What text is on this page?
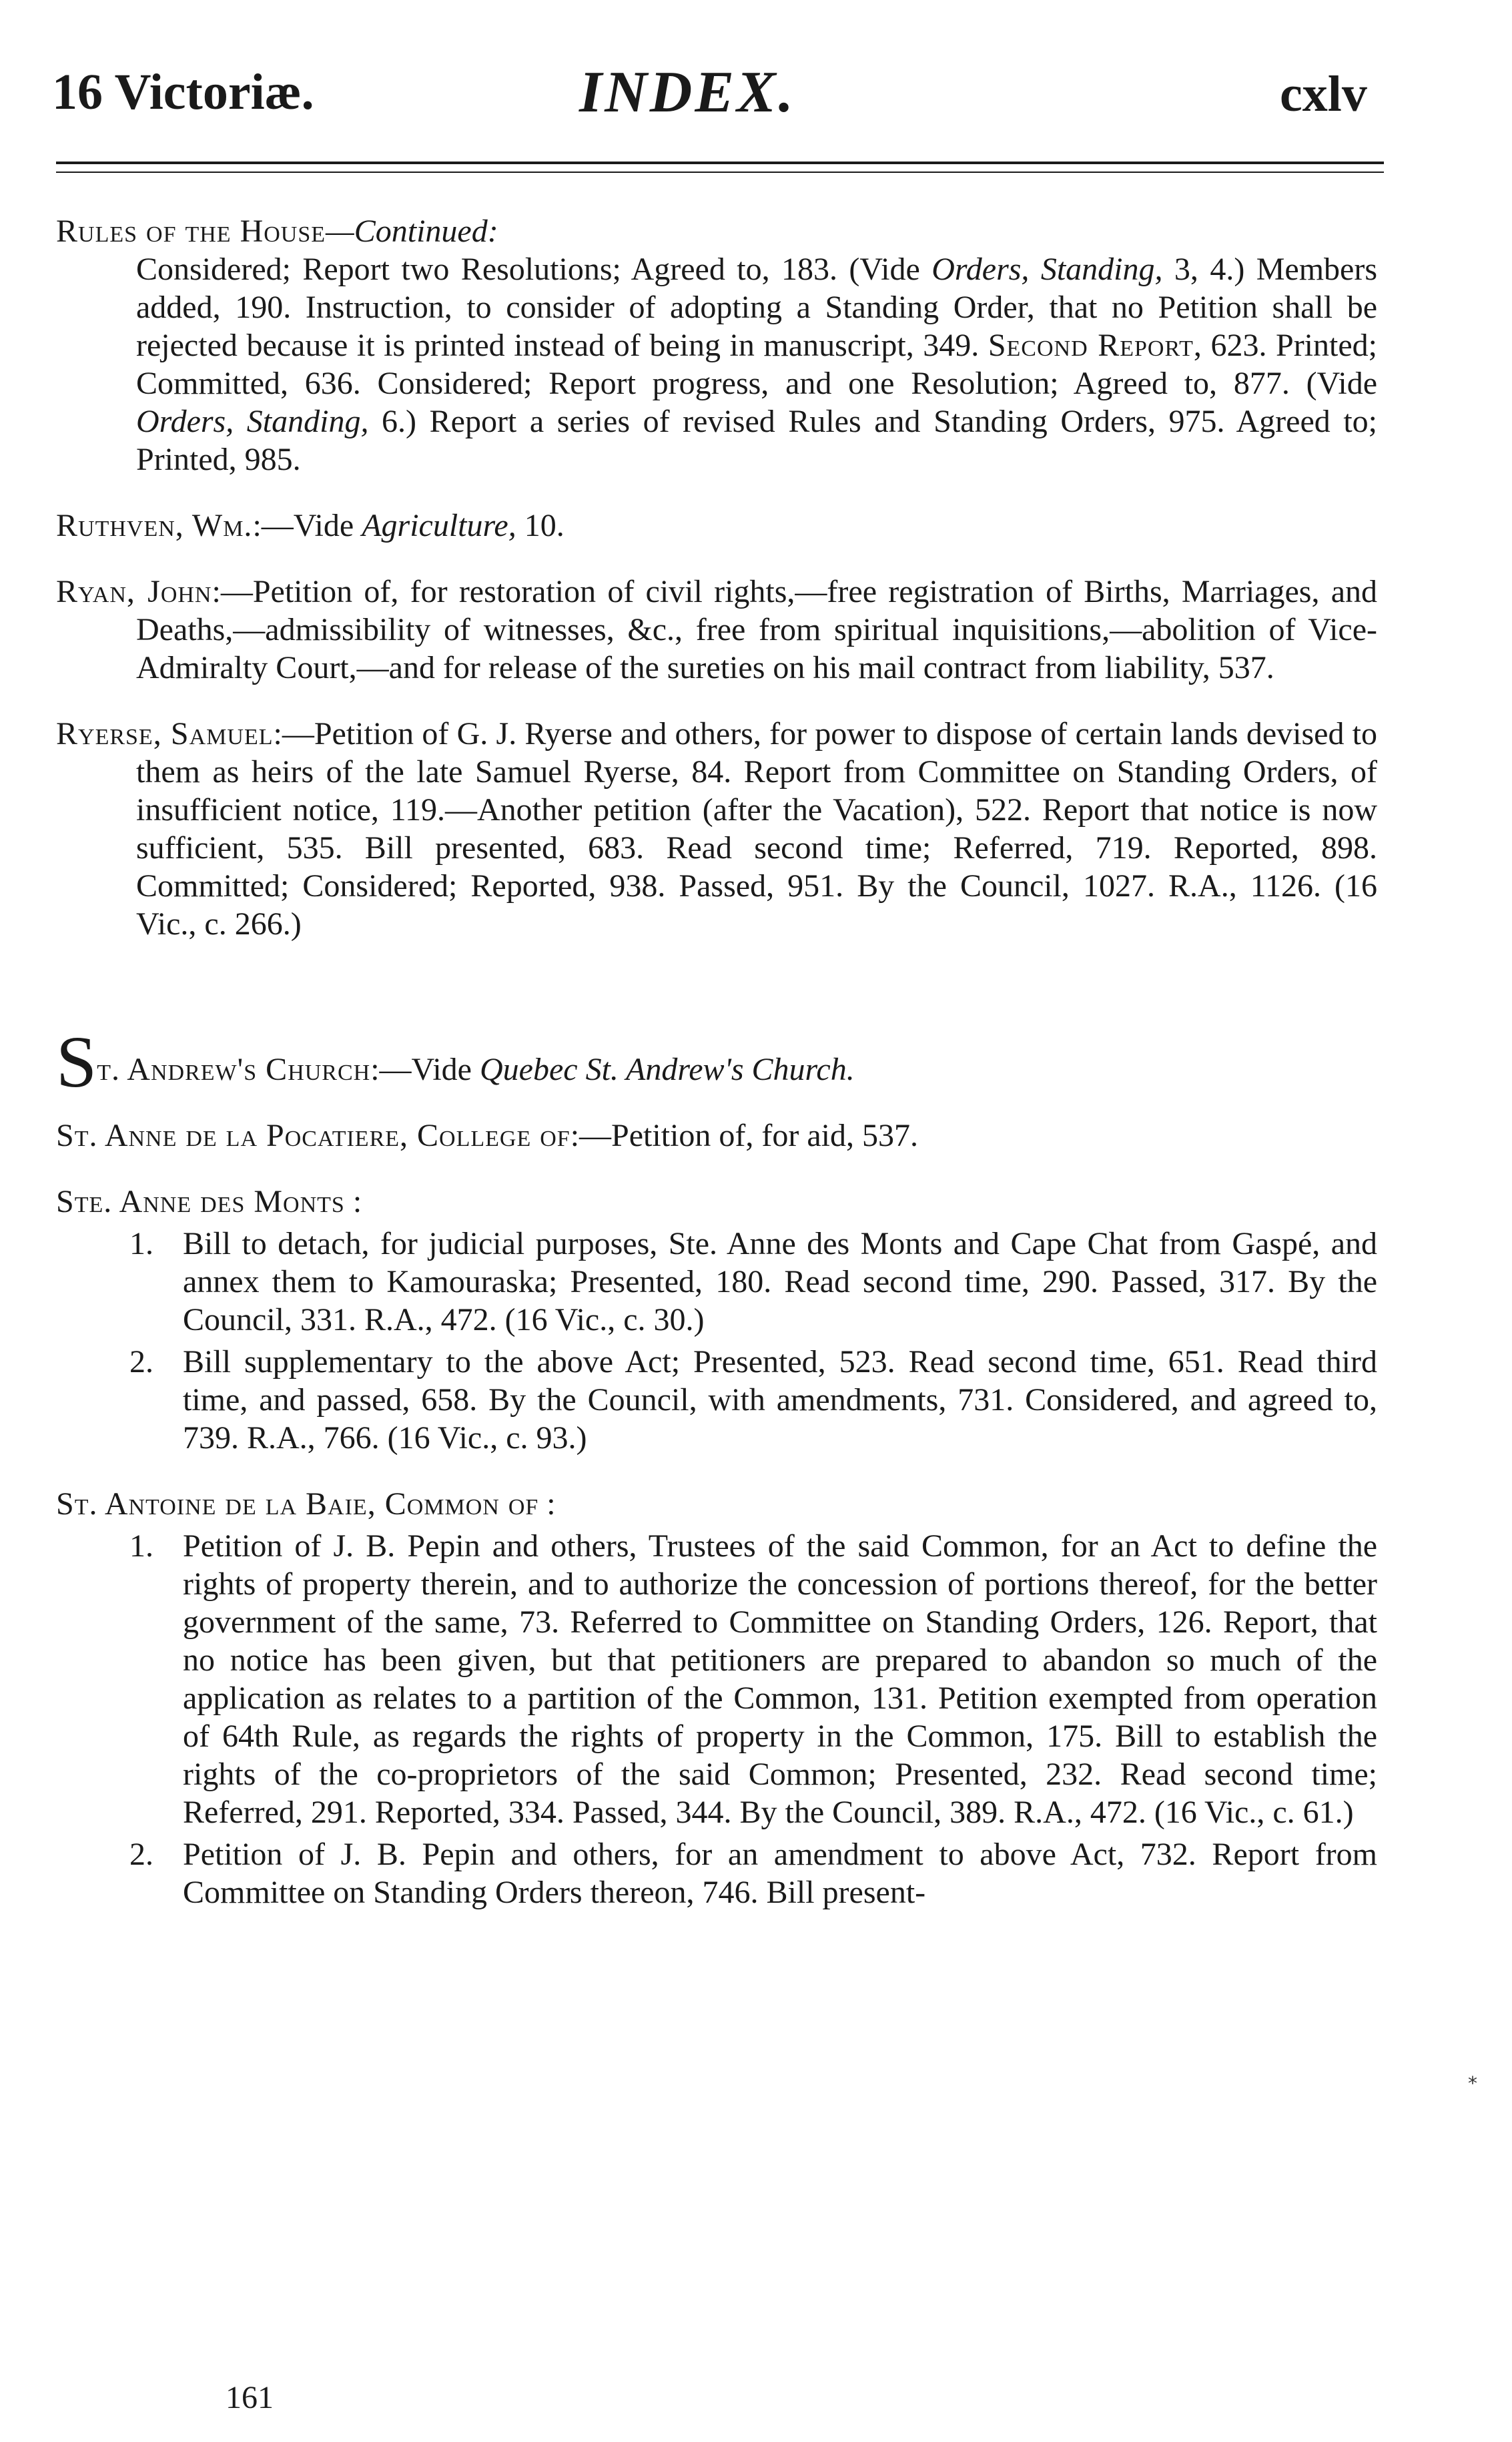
16 Victoriæ.	INDEX.	cxlv
Rules of the House—Continued:
Considered; Report two Resolutions; Agreed to, 183. (Vide Orders, Standing, 3, 4.) Members added, 190. Instruction, to consider of adopting a Standing Order, that no Petition shall be rejected because it is printed instead of being in manuscript, 349. Second Report, 623. Printed; Committed, 636. Considered; Report progress, and one Resolution; Agreed to, 877. (Vide Orders, Standing, 6.) Report a series of revised Rules and Standing Orders, 975. Agreed to; Printed, 985.
Ruthven, Wm.:—Vide Agriculture, 10.
Ryan, John:—Petition of, for restoration of civil rights,—free registration of Births, Marriages, and Deaths,—admissibility of witnesses, &c., free from spiritual inquisitions,—abolition of Vice-Admiralty Court,—and for release of the sureties on his mail contract from liability, 537.
Ryerse, Samuel:—Petition of G. J. Ryerse and others, for power to dispose of certain lands devised to them as heirs of the late Samuel Ryerse, 84. Report from Committee on Standing Orders, of insufficient notice, 119.—Another petition (after the Vacation), 522. Report that notice is now sufficient, 535. Bill presented, 683. Read second time; Referred, 719. Reported, 898. Committed; Considered; Reported, 938. Passed, 951. By the Council, 1027. R.A., 1126. (16 Vic., c. 266.)
St. Andrew's Church:—Vide Quebec St. Andrew's Church.
St. Anne de la Pocatiere, College of:—Petition of, for aid, 537.
Ste. Anne des Monts :
1. Bill to detach, for judicial purposes, Ste. Anne des Monts and Cape Chat from Gaspé, and annex them to Kamouraska; Presented, 180. Read second time, 290. Passed, 317. By the Council, 331. R.A., 472. (16 Vic., c. 30.)
2. Bill supplementary to the above Act; Presented, 523. Read second time, 651. Read third time, and passed, 658. By the Council, with amendments, 731. Considered, and agreed to, 739. R.A., 766. (16 Vic., c. 93.)
St. Antoine de la Baie, Common of :
1. Petition of J. B. Pepin and others, Trustees of the said Common, for an Act to define the rights of property therein, and to authorize the concession of portions thereof, for the better government of the same, 73. Referred to Committee on Standing Orders, 126. Report, that no notice has been given, but that petitioners are prepared to abandon so much of the application as relates to a partition of the Common, 131. Petition exempted from operation of 64th Rule, as regards the rights of property in the Common, 175. Bill to establish the rights of the co-proprietors of the said Common; Presented, 232. Read second time; Referred, 291. Reported, 334. Passed, 344. By the Council, 389. R.A., 472. (16 Vic., c. 61.)
2. Petition of J. B. Pepin and others, for an amendment to above Act, 732. Report from Committee on Standing Orders thereon, 746. Bill present-
161
*
